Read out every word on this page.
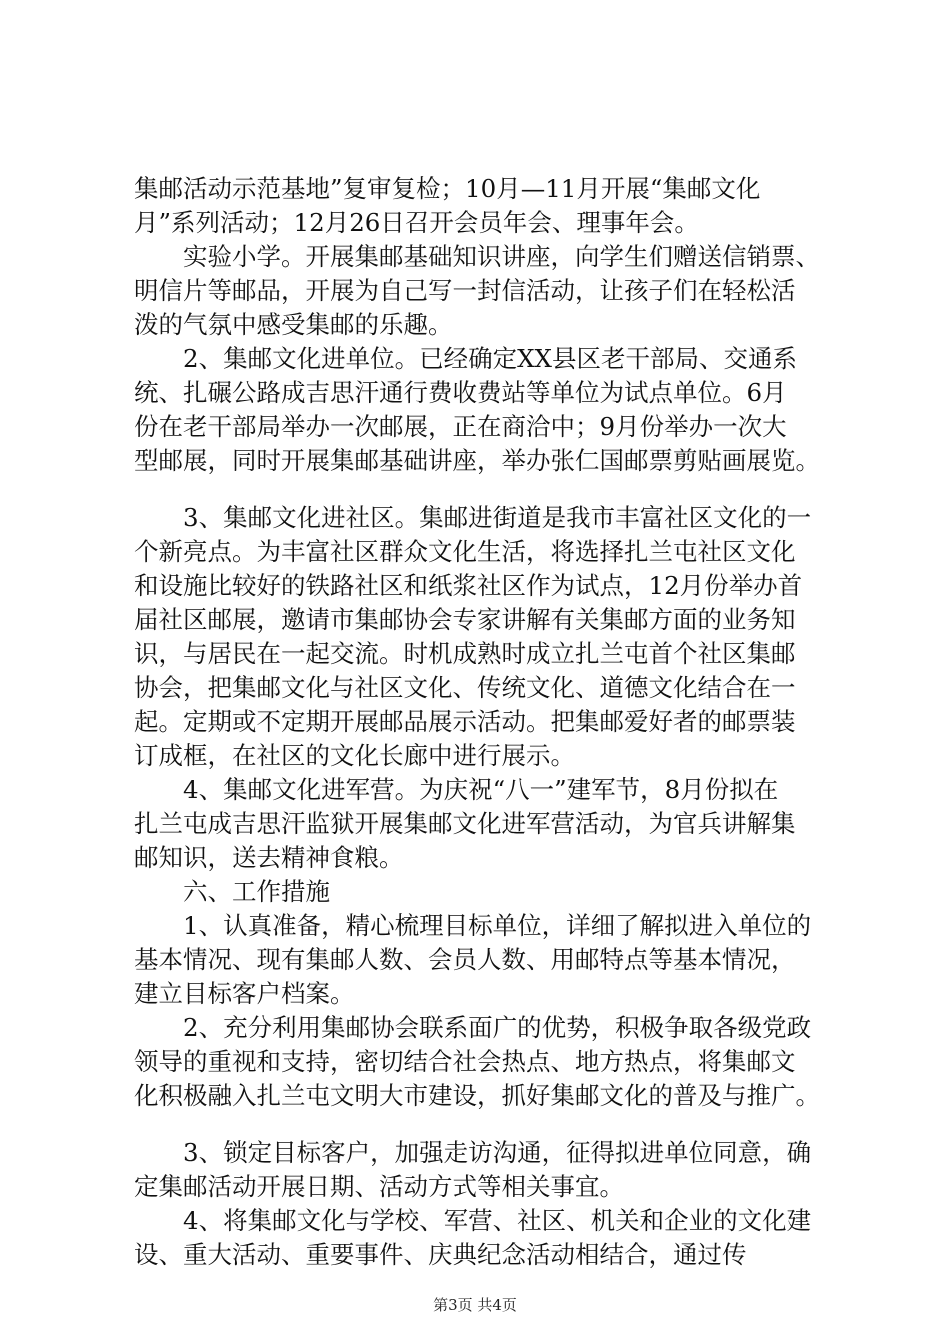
集邮活动示范基地”复审复检；10月—11月开展“集邮文化
月”系列活动；12月26日召开会员年会、理事年会。
　　实验小学。开展集邮基础知识讲座，向学生们赠送信销票、
明信片等邮品，开展为自己写一封信活动，让孩子们在轻松活
泼的气氛中感受集邮的乐趣。
　　2、集邮文化进单位。已经确定XX县区老干部局、交通系
统、扎碾公路成吉思汗通行费收费站等单位为试点单位。6月
份在老干部局举办一次邮展，正在商洽中；9月份举办一次大
型邮展，同时开展集邮基础讲座，举办张仁国邮票剪贴画展览。
　　3、集邮文化进社区。集邮进街道是我市丰富社区文化的一
个新亮点。为丰富社区群众文化生活，将选择扎兰屯社区文化
和设施比较好的铁路社区和纸浆社区作为试点，12月份举办首
届社区邮展，邀请市集邮协会专家讲解有关集邮方面的业务知
识，与居民在一起交流。时机成熟时成立扎兰屯首个社区集邮
协会，把集邮文化与社区文化、传统文化、道德文化结合在一
起。定期或不定期开展邮品展示活动。把集邮爱好者的邮票装
订成框，在社区的文化长廊中进行展示。
　　4、集邮文化进军营。为庆祝“八一”建军节，8月份拟在
扎兰屯成吉思汗监狱开展集邮文化进军营活动，为官兵讲解集
邮知识，送去精神食粮。
　　六、工作措施
　　1、认真准备，精心梳理目标单位，详细了解拟进入单位的
基本情况、现有集邮人数、会员人数、用邮特点等基本情况，
建立目标客户档案。
　　2、充分利用集邮协会联系面广的优势，积极争取各级党政
领导的重视和支持，密切结合社会热点、地方热点，将集邮文
化积极融入扎兰屯文明大市建设，抓好集邮文化的普及与推广。
　　3、锁定目标客户，加强走访沟通，征得拟进单位同意，确
定集邮活动开展日期、活动方式等相关事宜。
　　4、将集邮文化与学校、军营、社区、机关和企业的文化建
设、重大活动、重要事件、庆典纪念活动相结合，通过传
第3页 共4页
